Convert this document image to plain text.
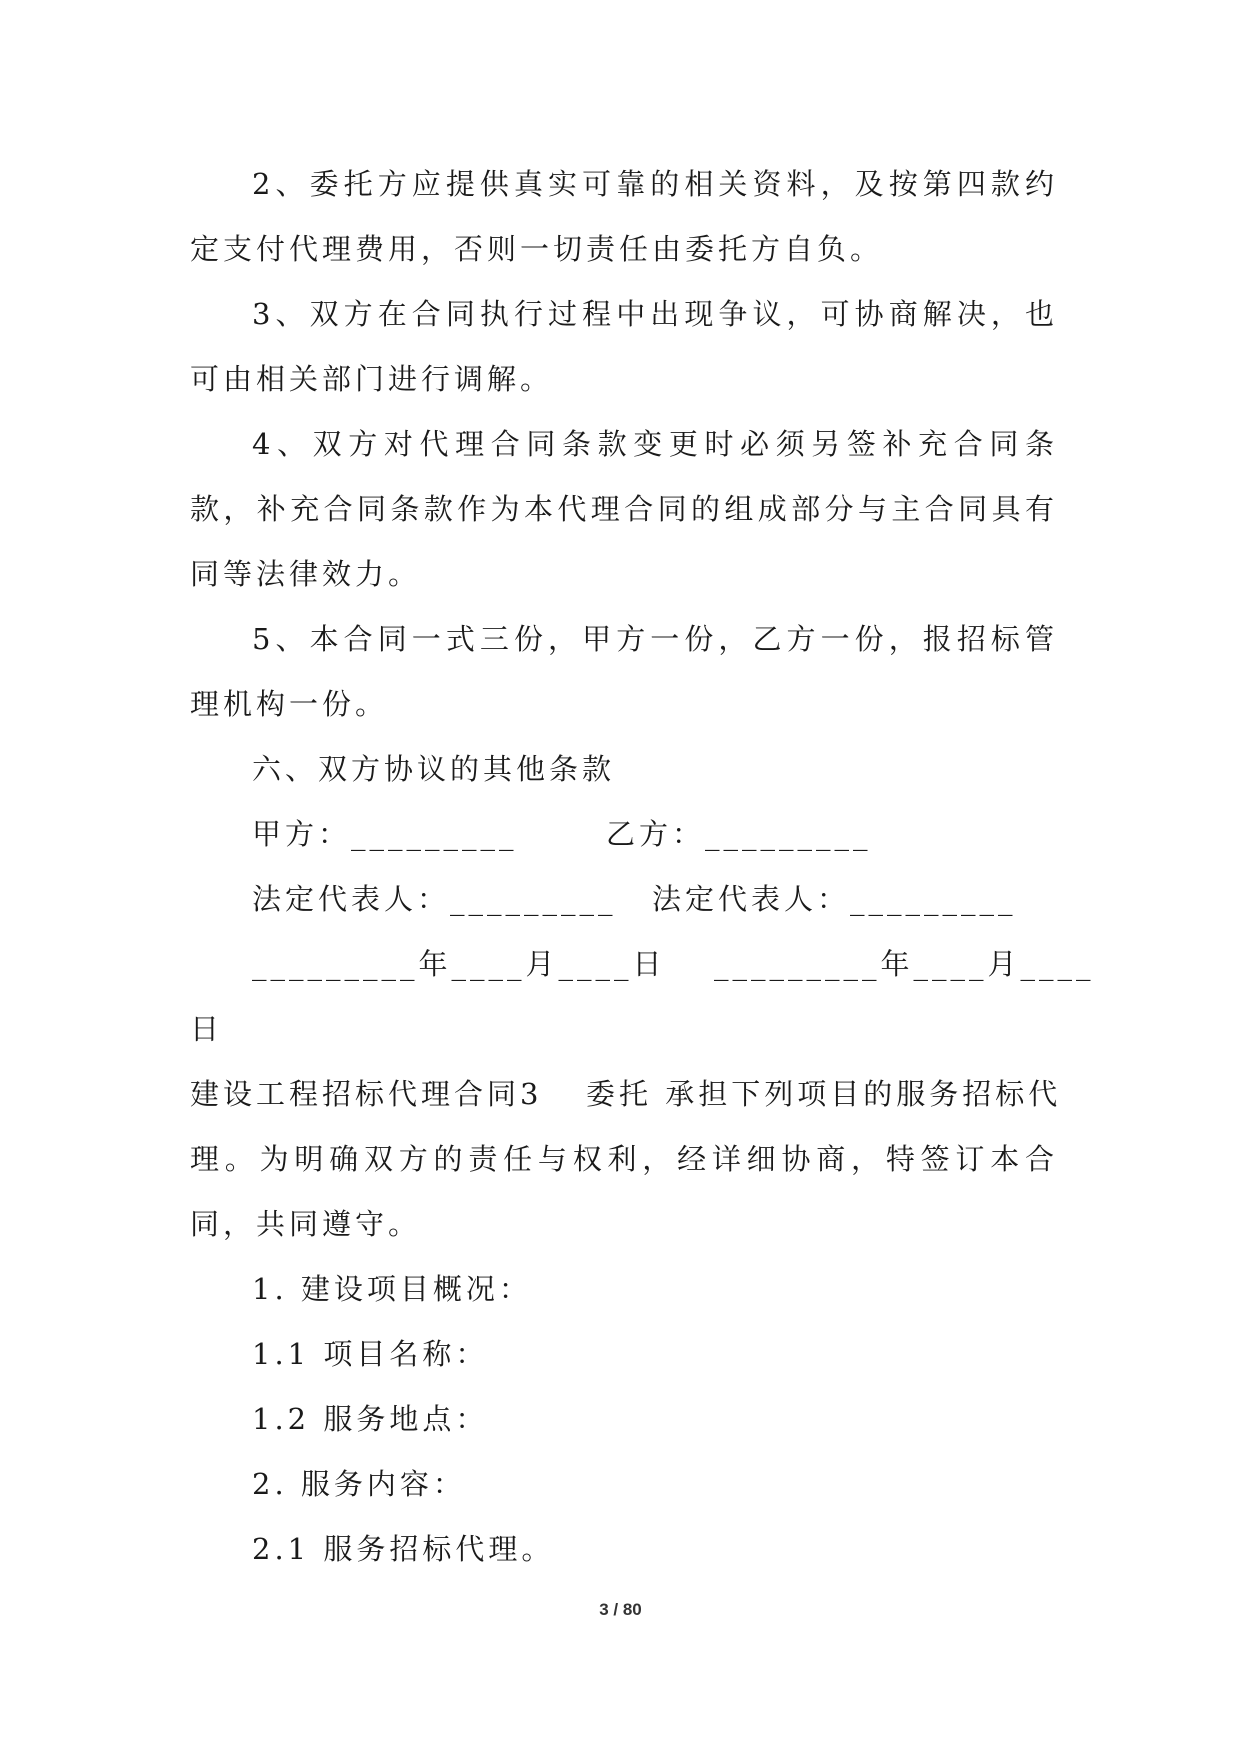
2、委托方应提供真实可靠的相关资料，及按第四款约定支付代理费用，否则一切责任由委托方自负。

3、双方在合同执行过程中出现争议，可协商解决，也可由相关部门进行调解。

4、双方对代理合同条款变更时必须另签补充合同条款，补充合同条款作为本代理合同的组成部分与主合同具有同等法律效力。

5、本合同一式三份，甲方一份，乙方一份，报招标管理机构一份。

六、双方协议的其他条款

甲方：_________	乙方：_________
法定代表人：_________ 法定代表人：_________
_________年____月____日 _________年____月____
日
建设工程招标代理合同3 委托 承担下列项目的服务招标代

理。为明确双方的责任与权利，经详细协商，特签订本合同，共同遵守。

1. 建设项目概况：

1.1 项目名称：

1.2 服务地点：

2. 服务内容：

2.1 服务招标代理。

3 / 80
